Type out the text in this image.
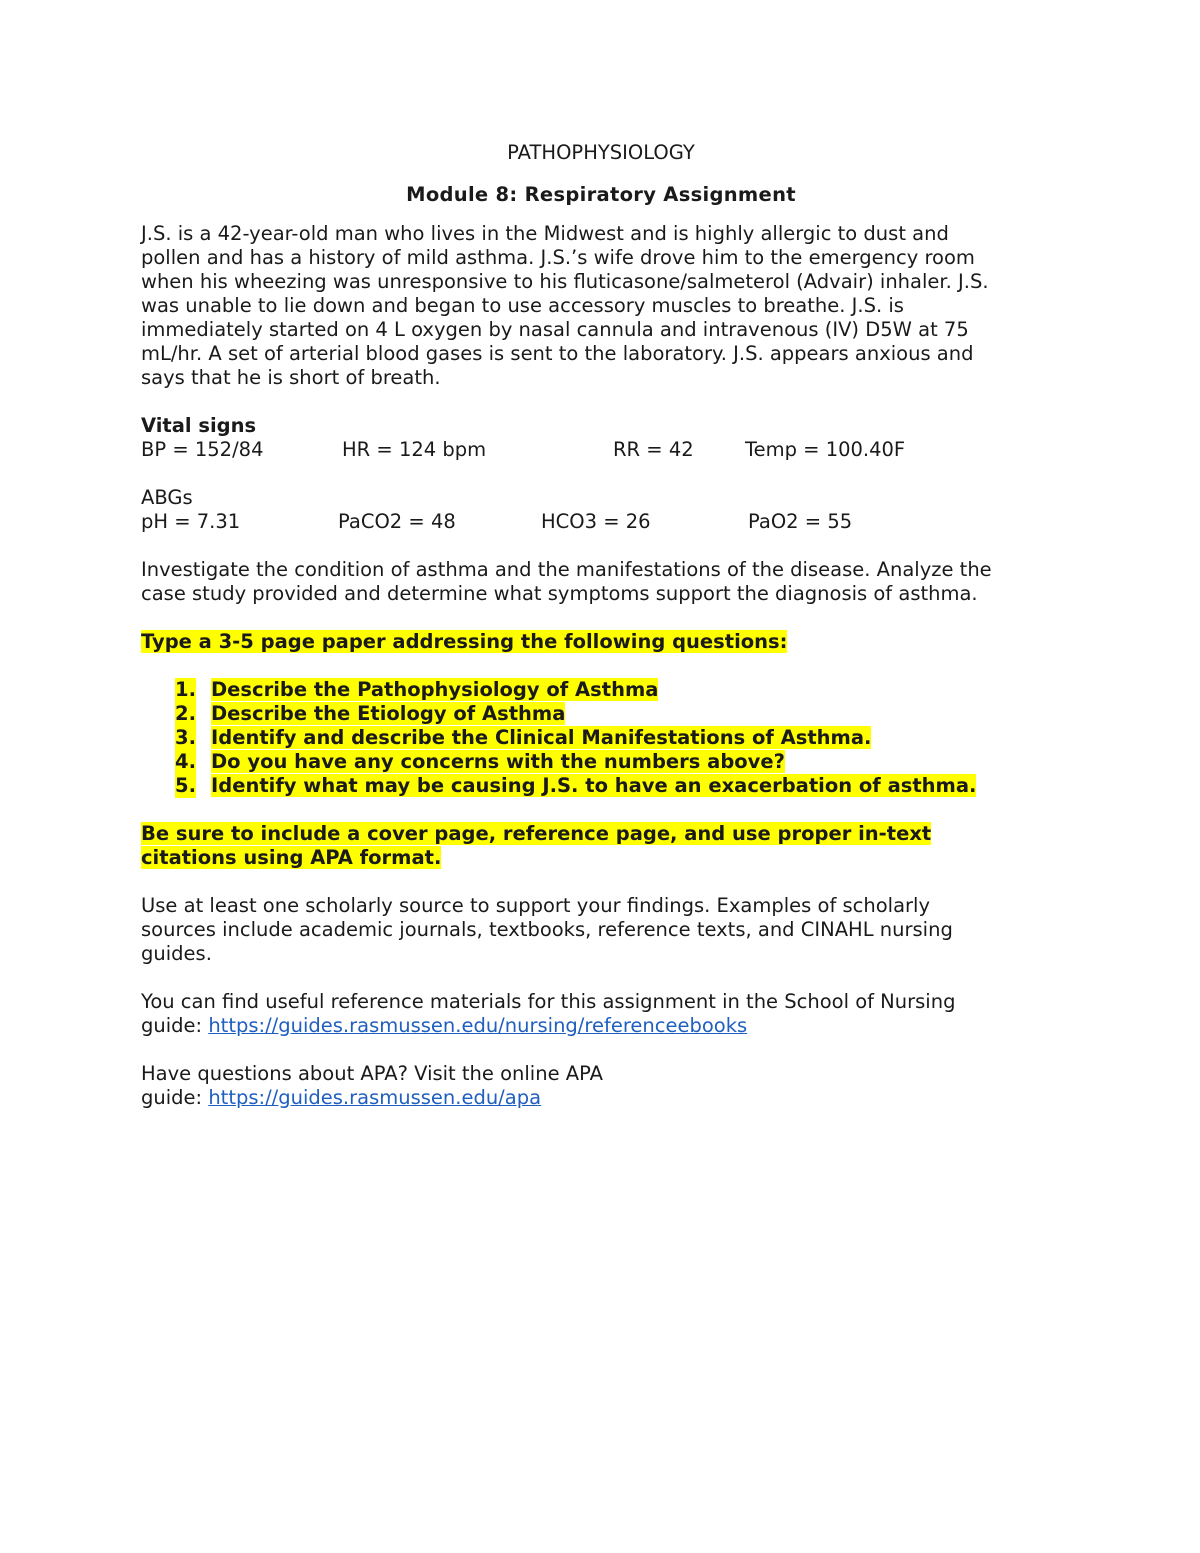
PATHOPHYSIOLOGY
Module 8: Respiratory Assignment

J.S. is a 42-year-old man who lives in the Midwest and is highly allergic to dust and

pollen and has a history of mild asthma. J.S.’s wife drove him to the emergency room

when his wheezing was unresponsive to his fluticasone/salmeterol (Advair) inhaler. J.S.

was unable to lie down and began to use accessory muscles to breathe. J.S. is

immediately started on 4 L oxygen by nasal cannula and intravenous (IV) D5W at 75

mL/hr. A set of arterial blood gases is sent to the laboratory. J.S. appears anxious and

says that he is short of breath.

Vital signs

BP = 152/84	HR = 124 bpm	RR = 42	Temp = 100.40F

ABGs

pH = 7.31	PaCO2 = 48	HCO3 = 26	PaO2 = 55

Investigate the condition of asthma and the manifestations of the disease. Analyze the

case study provided and determine what symptoms support the diagnosis of asthma.

Type a 3-5 page paper addressing the following questions:

1. Describe the Pathophysiology of Asthma
2. Describe the Etiology of Asthma
3. Identify and describe the Clinical Manifestations of Asthma.
4. Do you have any concerns with the numbers above?
5. Identify what may be causing J.S. to have an exacerbation of asthma.

Be sure to include a cover page, reference page, and use proper in-text

citations using APA format.

Use at least one scholarly source to support your findings. Examples of scholarly

sources include academic journals, textbooks, reference texts, and CINAHL nursing

guides.

You can find useful reference materials for this assignment in the School of Nursing

guide: https://guides.rasmussen.edu/nursing/referenceebooks

Have questions about APA? Visit the online APA

guide: https://guides.rasmussen.edu/apa
